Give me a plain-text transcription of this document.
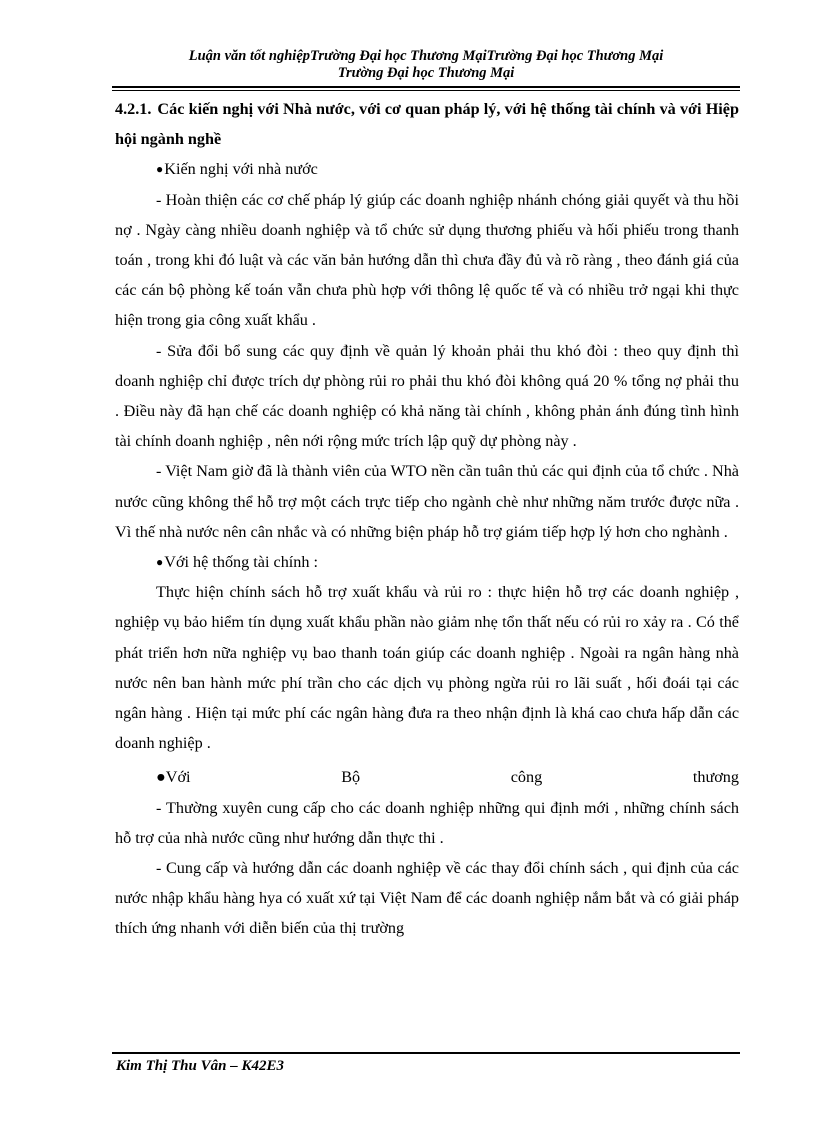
Luận văn tốt nghiệpTrường Đại học Thương MạiTrường Đại học Thương Mại
Trường Đại học Thương Mại

4.2.1. Các kiến nghị với Nhà nước, với cơ quan pháp lý, với hệ thống tài chính và với Hiệp hội ngành nghề

●Kiến nghị với nhà nước

- Hoàn thiện các cơ chế pháp lý giúp các doanh nghiệp nhánh chóng giải quyết và thu hồi nợ . Ngày càng nhiều doanh nghiệp và tổ chức sử dụng thương phiếu và hối phiếu trong thanh toán , trong khi đó luật và các văn bản hướng dẫn thì chưa đầy đủ và rõ ràng , theo đánh giá của các cán bộ phòng kế toán vẫn chưa phù hợp với thông lệ quốc tế và có nhiều trở ngại khi thực hiện trong gia công xuất khẩu .

- Sửa đổi bổ sung các quy định về quản lý khoản phải thu khó đòi : theo quy định thì doanh nghiệp chỉ được trích dự phòng rủi ro phải thu khó đòi không quá 20 % tổng nợ phải thu . Điều này đã hạn chế các doanh nghiệp có khả năng tài chính , không phản ánh đúng tình hình tài chính doanh nghiệp , nên nới rộng mức trích lập quỹ dự phòng này .

- Việt Nam giờ đã là thành viên của WTO nền cần tuân thủ các qui định của tổ chức . Nhà nước cũng không thể hỗ trợ một cách trực tiếp cho ngành chè như những năm trước được nữa . Vì thế nhà nước nên cân nhắc và có những biện pháp hỗ trợ giám tiếp hợp lý hơn cho nghành .

●Với hệ thống tài chính :

Thực hiện chính sách hỗ trợ xuất khẩu và rủi ro : thực hiện hỗ trợ các doanh nghiệp , nghiệp vụ bảo hiểm tín dụng xuất khẩu phần nào giảm nhẹ tổn thất nếu có rủi ro xảy ra . Có thể phát triển hơn nữa nghiệp vụ bao thanh toán giúp các doanh nghiệp . Ngoài ra ngân hàng nhà nước nên ban hành mức phí trần cho các dịch vụ phòng ngừa rủi ro lãi suất , hối đoái tại các ngân hàng . Hiện tại mức phí các ngân hàng đưa ra theo nhận định là khá cao chưa hấp dẫn các doanh nghiệp .

● Với	Bộ	công	thương

- Thường xuyên cung cấp cho các doanh nghiệp những qui định mới , những chính sách hỗ trợ của nhà nước cũng như hướng dẫn thực thi .

- Cung cấp và hướng dẫn các doanh nghiệp về các thay đổi chính sách , qui định của các nước nhập khẩu hàng hya có xuất xứ tại Việt Nam để các doanh nghiệp nắm bắt và có giải pháp thích ứng nhanh với diễn biến của thị trường

Kim Thị Thu Vân – K42E3
